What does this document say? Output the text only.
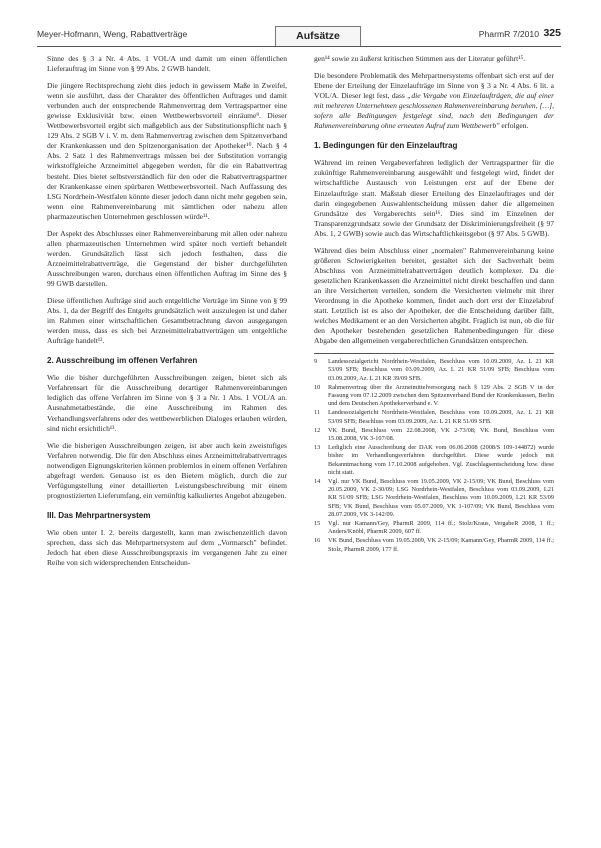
Meyer-Hofmann, Weng, Rabattverträge	Aufsätze	PharmR 7/2010 325

Sinne des § 3 a Nr. 4 Abs. 1 VOL/A und damit um einen öffentlichen Lieferauftrag im Sinne von § 99 Abs. 2 GWB handelt.

Die jüngere Rechtsprechung zieht dies jedoch in gewissem Maße in Zweifel, wenn sie ausführt, dass der Charakter des öffentlichen Auftrages und damit verbunden auch der entsprechende Rahmenvertrag dem Vertragspartner eine gewisse Exklusivität bzw. einen Wettbewerbsvorteil einräume⁹. Dieser Wettbewerbsvorteil ergibt sich maßgeblich aus der Substitutionspflicht nach § 129 Abs. 2 SGB V i. V. m. dem Rahmenvertrag zwischen dem Spitzenverband der Krankenkassen und den Spitzenorganisation der Apotheker¹⁰. Nach § 4 Abs. 2 Satz 1 des Rahmenvertrags müssen bei der Substitution vorrangig wirkstoffgleiche Arzneimittel abgegeben werden, für die ein Rabattvertrag besteht. Dies bietet selbstverständlich für den oder die Rabattvertragspartner der Krankenkasse einen spürbaren Wettbewerbsvorteil. Nach Auffassung des LSG Nordrhein-Westfalen könnte dieser jedoch dann nicht mehr gegeben sein, wenn eine Rahmenvereinbarung mit sämtlichen oder nahezu allen pharmazeutischen Unternehmen geschlossen würde¹¹.

Der Aspekt des Abschlusses einer Rahmenvereinbarung mit allen oder nahezu allen pharmazeutischen Unternehmen wird später noch vertieft behandelt werden. Grundsätzlich lässt sich jedoch festhalten, dass die Arzneimittelrabattverträge, die Gegenstand der bisher durchgeführten Ausschreibungen waren, durchaus einen öffentlichen Auftrag im Sinne des § 99 GWB darstellen.

Diese öffentlichen Aufträge sind auch entgeltliche Verträge im Sinne von § 99 Abs. 1, da der Begriff des Entgelts grundsätzlich weit auszulegen ist und daher im Rahmen einer wirtschaftlichen Gesamtbetrachtung davon ausgegangen werden muss, dass es sich bei Arzneimittelrabattverträgen um entgeltliche Aufträge handelt¹².

2. Ausschreibung im offenen Verfahren

Wie die bisher durchgeführten Ausschreibungen zeigen, bietet sich als Verfahrensart für die Ausschreibung derartiger Rahmenvereinbarungen lediglich das offene Verfahren im Sinne von § 3 a Nr. 1 Abs. 1 VOL/A an. Ausnahmetatbestände, die eine Ausschreibung im Rahmen des Verhandlungsverfahrens oder des wettbewerblichen Dialoges erlauben würden, sind nicht ersichtlich¹³.

Wie die bisherigen Ausschreibungen zeigen, ist aber auch kein zweistufiges Verfahren notwendig. Die für den Abschluss eines Arzneimittelrabattvertrages notwendigen Eignungskriterien können problemlos in einem offenen Verfahren abgefragt werden. Genauso ist es den Bietern möglich, durch die zur Verfügungstellung einer detaillierten Leistungsbeschreibung mit einem prognostizierten Lieferumfang, ein vernünftig kalkuliertes Angebot abzugeben.

III. Das Mehrpartnersystem

Wie oben unter I. 2. bereits dargestellt, kann man zwischenzeitlich davon sprechen, dass sich das Mehrpartnersystem auf dem „Vormarsch" befindet. Jedoch hat eben diese Ausschreibungspraxis im vergangenen Jahr zu einer Reihe von sich widersprechenden Entscheidun-

gen¹⁴ sowie zu äußerst kritischen Stimmen aus der Literatur geführt¹⁵.

Die besondere Problematik des Mehrpartnersystems offenbart sich erst auf der Ebene der Erteilung der Einzelaufträge im Sinne von § 3 a Nr. 4 Abs. 6 lit. a VOL/A. Dieser legt fest, dass „die Vergabe von Einzelaufträgen, die auf einer mit mehreren Unternehmen geschlossenen Rahmenvereinbarung beruhen, […], sofern alle Bedingungen festgelegt sind, nach den Bedingungen der Rahmenvereinbarung ohne erneuten Aufruf zum Wettbewerb" erfolgen.

1. Bedingungen für den Einzelauftrag

Während im reinen Vergabeverfahren lediglich der Vertragspartner für die zukünftige Rahmenvereinbarung ausgewählt und festgelegt wird, findet der wirtschaftliche Austausch von Leistungen erst auf der Ebene der Einzelaufträge statt. Maßstab dieser Erteilung des Einzelauftrages und der darin eingegebenen Auswahlentscheidung müssen daher die allgemeinen Grundsätze des Vergaberechts sein¹⁶. Dies sind im Einzelnen der Transparenzgrundsatz sowie der Grundsatz der Diskriminierungsfreiheit (§ 97 Abs. 1, 2 GWB) sowie auch das Wirtschaftlichkeitsgebot (§ 97 Abs. 5 GWB).

Während dies beim Abschluss einer „normalen" Rahmenvereinbarung keine größeren Schwierigkeiten bereitet, gestaltet sich der Sachverhalt beim Abschluss von Arzneimittelrabattverträgen deutlich komplexer. Da die gesetzlichen Krankenkassen die Arzneimittel nicht direkt beschaffen und dann an ihre Versicherten verteilen, sondern die Versicherten vielmehr mit ihrer Verordnung in die Apotheke kommen, findet auch dort erst der Einzelabruf statt. Letztlich ist es also der Apotheker, der die Entscheidung darüber fällt, welches Medikament er an den Versicherten abgibt. Fraglich ist nun, ob die für den Apotheker bestehenden gesetzlichen Rahmenbedingungen für diese Abgabe den allgemeinen vergaberechtlichen Grundsätzen entsprechen.

9	Landessozialgericht Nordrhein-Westfalen, Beschluss vom 10.09.2009, Az. L 21 KR 53/09 SFB; Beschluss vom 03.09.2009, Az. L 21 KR 51/09 SFB; Beschluss vom 03.09.2009, Az. L 21 KR 39/09 SFB.
10	Rahmenvertrag über die Arzneimittelversorgung nach § 129 Abs. 2 SGB V in der Fassung vom 07.12.2009 zwischen dem Spitzenverband Bund der Krankenkassen, Berlin und dem Deutschen Apothekerverband e. V.
11	Landessozialgericht Nordrhein-Westfalen, Beschluss vom 10.09.2009, Az. L 21 KR 53/09 SFB; Beschluss vom 03.09.2009, Az. L 21 KR 51/09 SFB.
12	VK Bund, Beschluss vom 22.08.2008, VK 2-73/08; VK Bund, Beschluss vom 15.08.2008, VK 3-107/08.
13	Lediglich eine Ausschreibung der DAK vom 06.06.2008 (2008/S 109-144872) wurde bisher im Verhandlungsverfahren durchgeführt. Diese wurde jedoch mit Bekanntmachung vom 17.10.2008 aufgehoben. Vgl. Zuschlagsentscheidung bzw. diese nicht statt.
14	Vgl. nur VK Bund, Beschluss vom 19.05.2009, VK 2-15/09; VK Bund, Beschluss vom 20.05.2009, VK 2-30/09; LSG Nordrhein-Westfalen, Beschluss vom 03.09.2009, L21 KR 51/09 SFB; LSG Nordrhein-Westfalen, Beschluss vom 10.09.2009, L21 KR 53/09 SFB; VK Bund, Beschluss vom 05.07.2009, VK 1-107/09; VK Bund, Beschluss vom 28.07.2009, VK 3-142/09.
15	Vgl. nur Kamann/Gey, PharmR 2009, 114 ff.; Stolz/Kraus, VergabeR 2008, 1 ff.; Anders/Knöbl, PharmR 2009, 607 ff.
16	VK Bund, Beschluss vom 19.05.2009, VK 2-15/09; Kamann/Gey, PharmR 2009, 114 ff.; Stolz, PharmR 2009, 177 ff.
